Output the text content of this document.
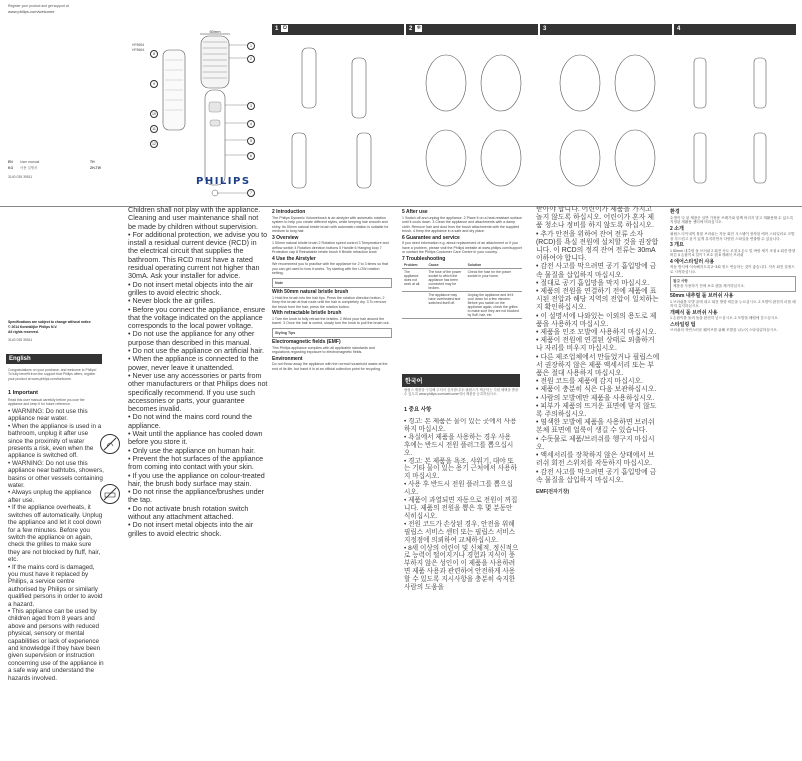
Register your product and get support at
www.philips.com/welcome
HP8654
HP8664
50mm
1
2
3
4
5
6
7
8
9
10
11
12
EN User manual
KO 사용 설명서
TH
ZH-TW
3140 035 39511	PHILIPS
1 ⏻	2 ✻	3	4
Specifications are subject to change without notice
© 2014 Koninklijke Philips N.V.
All rights reserved.
3140 035 39511
English
Congratulations on your purchase, and welcome to Philips! To fully benefit from the support that Philips offers, register your product at www.philips.com/welcome.
1 Important
Read this user manual carefully before you use the appliance and keep it for future reference.

• WARNING: Do not use this appliance near water.

• When the appliance is used in a bathroom, unplug it after use since the proximity of water presents a risk, even when the appliance is switched off.

• WARNING: Do not use this appliance near bathtubs, showers, basins or other vessels containing water.

• Always unplug the appliance after use.

• If the appliance overheats, it switches off automatically. Unplug the appliance and let it cool down for a few minutes. Before you switch the appliance on again, check the grilles to make sure they are not blocked by fluff, hair, etc.

• If the mains cord is damaged, you must have it replaced by Philips, a service centre authorised by Philips or similarly qualified persons in order to avoid a hazard.

• This appliance can be used by children aged from 8 years and above and persons with reduced physical, sensory or mental capabilities or lack of experience and knowledge if they have been given supervision or instruction concerning use of the appliance in a safe way and understand the hazards involved.

Children shall not play with the appliance. Cleaning and user maintenance shall not be made by children without supervision.

• For additional protection, we advise you to install a residual current device (RCD) in the electrical circuit that supplies the bathroom. This RCD must have a rated residual operating current not higher than 30mA. Ask your installer for advice.

• Do not insert metal objects into the air grilles to avoid electric shock.

• Never block the air grilles.

• Before you connect the appliance, ensure that the voltage indicated on the appliance corresponds to the local power voltage.

• Do not use the appliance for any other purpose than described in this manual.

• Do not use the appliance on artificial hair.

• When the appliance is connected to the power, never leave it unattended.

• Never use any accessories or parts from other manufacturers or that Philips does not specifically recommend. If you use such accessories or parts, your guarantee becomes invalid.

• Do not wind the mains cord round the appliance.

• Wait until the appliance has cooled down before you store it.

• Only use the appliance on human hair.

• Prevent the hot surfaces of the appliance from coming into contact with your skin.

• If you use the appliance on colour-treated hair, the brush body surface may stain.

• Do not rinse the appliance/brushes under the tap.

• Do not activate brush rotation switch without any attachment attached.

• Do not insert metal objects into the air grilles to avoid electric shock.

2 Introduction

The Philips Dynamic Volumebrush is an airstyler with automatic rotation system to help you create different styles, while keeping hair smooth and shiny. Its 50mm natural bristle brush with automatic rotation is suitable for medium to long hair.

3 Overview

1 50mm natural bristle brush 2 Rotation speed control 3 Temperature and airflow switch 4 Rotation direction buttons 5 Handle 6 Hanging loop 7 Protection cap 8 Retractable bristle brush 9 Bristle retraction knob

4 Use the Airstyler

We recommend you to practise with the appliance for 2 to 3 times so that you can get used to how it works. Try starting with the LOW rotation setting.

Note
With 50mm natural bristle brush

1 Hold the brush into the hair tips. Press the rotation direction button. 2 Keep the brush at that route until the hair is completely dry. 3 To remove the brush from the hair, press the rotation button.

With retractable bristle brush

1 Turn the knob to fully retract the bristles. 2 Wind your hair around the barrel. 3 Once the hair is curled, slowly turn the knob to pull the brush out.

Styling Tips
Electromagnetic fields (EMF)

This Philips appliance complies with all applicable standards and regulations regarding exposure to electromagnetic fields.

Environment

Do not throw away the appliance with the normal household waste at the end of its life, but hand it in at an official collection point for recycling.

5 After use

1 Switch off and unplug the appliance. 2 Place it on a heat-resistant surface until it cools down. 3 Clean the appliance and attachments with a damp cloth. Remove hair and dust from the brush attachments with the supplied brush. 4 Keep the appliance in a safe and dry place.

6 Guarantee and service

If you need information e.g. about replacement of an attachment or if you have a problem, please visit the Philips website at www.philips.com/support or contact the Philips Customer Care Centre in your country.

7 Troubleshooting
Problem	Cause	Solution
The appliance does not work at all.	The fuse of the power socket to which the appliance has been connected may be broken.	Check the fuse for the power socket in your home.
	The appliance may have overheated and switched itself off.	Unplug the appliance and let it cool down for a few minutes. Before you switch on the appliance again, check the grilles to make sure they are not blocked by fluff, hair, etc.
한국어
필립스 제품을 구입해 주셔서 감사합니다! 필립스가 제공하는 지원 혜택을 받을 수 있도록 www.philips.com/welcome에서 제품을 등록하십시오.
1 중요 사항

• 경고: 본 제품은 물이 있는 곳에서 사용하지 마십시오.

• 욕실에서 제품을 사용하는 경우 사용 후에는 반드시 전원 플러그를 뽑으십시오.

• 경고: 본 제품을 욕조, 샤워기, 대야 또는 기타 물이 있는 용기 근처에서 사용하지 마십시오.

• 사용 후 반드시 전원 플러그를 뽑으십시오.

• 제품이 과열되면 자동으로 전원이 꺼집니다. 제품의 전원을 뽑은 후 몇 분동안 식히십시오.

• 전원 코드가 손상된 경우, 안전을 위해 필립스 서비스 센터 또는 필립스 서비스 지정점에 의뢰하여 교체하십시오.

• 8세 이상의 어린이 및 신체적, 정신적으로 능력이 떨어지거나 경험과 지식이 풍부하지 않은 성인이 이 제품을 사용하려면 제품 사용과 관련하여 안전하게 사용할 수 있도록 지시사항을 충분히 숙지한 사람의 도움을

받아야 합니다. 어린이가 제품을 가지고 놀지 않도록 하십시오. 어린이가 혼자 제품 청소나 정비를 하지 않도록 하십시오.

• 추가 안전을 위하여 잔여 전류 소자(RCD)를 욕실 전원에 설치할 것을 권장합니다. 이 RCD의 정격 잔여 전류는 30mA 이하여야 합니다.

• 감전 사고를 막으려면 공기 흡입망에 금속 물질을 삽입하지 마십시오.

• 절대로 공기 흡입망을 막지 마십시오.

• 제품의 전원을 연결하기 전에 제품에 표시된 전압과 해당 지역의 전압이 일치하는지 확인하십시오.

• 이 설명서에 나와있는 이외의 용도로 제품을 사용하지 마십시오.

• 제품을 인조 모발에 사용하지 마십시오.

• 제품이 전원에 연결된 상태로 외출하거나 자리를 비우지 마십시오.

• 다른 제조업체에서 만들었거나 필립스에서 권장하지 않은 제품 액세서리 또는 부품은 절대 사용하지 마십시오.

• 전원 코드를 제품에 감지 마십시오.

• 제품이 충분히 식은 다음 보관하십시오.

• 사람의 모발에만 제품을 사용하십시오.

• 피부가 제품의 뜨거운 표면에 닿지 않도록 주의하십시오.

• 염색한 모발에 제품을 사용하면 브러쉬 본체 표면에 얼룩이 생길 수 있습니다.

• 수돗물로 제품/브러쉬를 헹구지 마십시오.

• 액세서리를 장착하지 않은 상태에서 브러쉬 회전 스위치를 작동하지 마십시오.

• 감전 사고를 막으려면 공기 흡입망에 금속 물질을 삽입하지 마십시오.

EMF(전자기장)

환경

수명이 다 된 제품은 일반 가정용 쓰레기와 함께 버리지 말고 재활용할 수 있도록 지정된 재활용 센터에 버리십시오.

2 소개

필립스 다이내믹 볼륨 브러쉬는 자동 회전 시스템이 장착된 에어 스타일러로 모발을 부드럽고 윤기 있게 유지하면서 다양한 스타일을 연출할 수 있습니다.

3 개요

1 50mm 내추럴 돌 브러쉬 2 회전 속도 조절 3 온도 및 바람 세기 조절 4 회전 방향 버튼 5 손잡이 6 걸이 7 보호 캡 8 개폐식 브러쉬

4 에어스타일러 사용

작동 방식에 익숙해지도록 2~3회 정도 연습하는 것이 좋습니다. 저속 회전 설정으로 시작하십시오.

참고 사항

제품을 사용하기 전에 보호 캡을 제거하십시오.

50mm 내추럴 돌 브러쉬 사용

1 브러쉬를 모발 끝에 대고 회전 방향 버튼을 누르십시오. 2 모발이 완전히 마를 때까지 유지하십시오.

개폐식 돌 브러쉬 사용

1 손잡이를 돌려 돌을 완전히 넣으십시오. 2 모발을 배럴에 감으십시오.

스타일링 팁

브러쉬의 자연스러운 웨이브를 위해 모발을 나누어 스타일링하십시오.
